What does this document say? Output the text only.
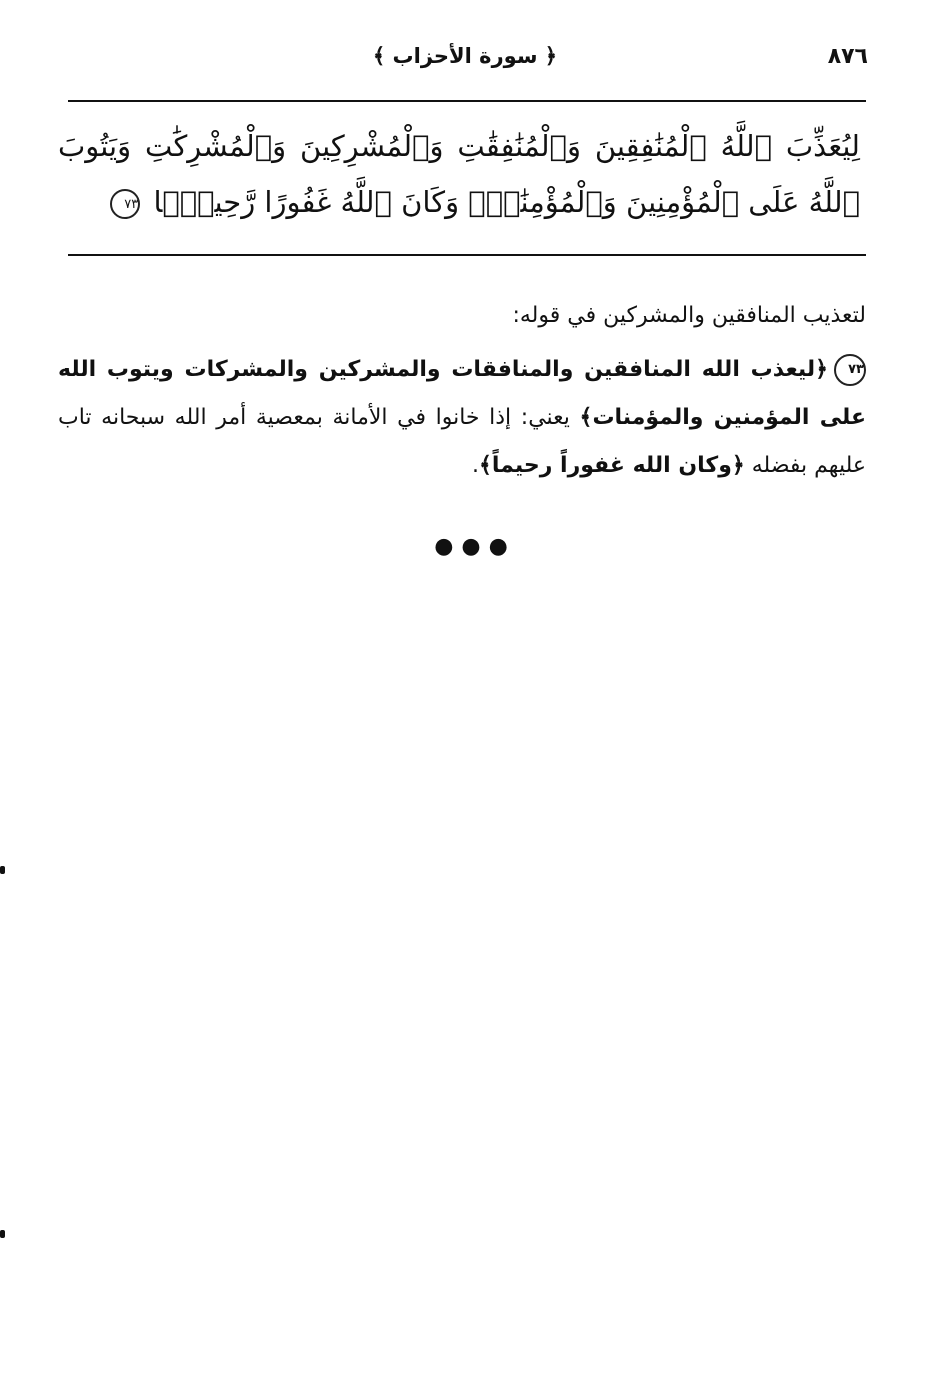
٨٧٦
﴿ سورة الأحزاب ﴾
لِيُعَذِّبَ ٱللَّهُ ٱلْمُنَٰفِقِينَ وَٱلْمُنَٰفِقَٰتِ وَٱلْمُشْرِكِينَ وَٱلْمُشْرِكَٰتِ وَيَتُوبَ ٱللَّهُ عَلَى ٱلْمُؤْمِنِينَ وَٱلْمُؤْمِنَٰتِۗ وَكَانَ ٱللَّهُ غَفُورًا رَّحِيمًۢا ٧٣

لتعذيب المنافقين والمشركين في قوله:

٧٣﴿ليعذب الله المنافقين والمنافقات والمشركين والمشركات ويتوب الله على المؤمنين والمؤمنات﴾ يعني: إذا خانوا في الأمانة بمعصية أمر الله سبحانه تاب عليهم بفضله ﴿وكان الله غفوراً رحيماً﴾.

●●●
